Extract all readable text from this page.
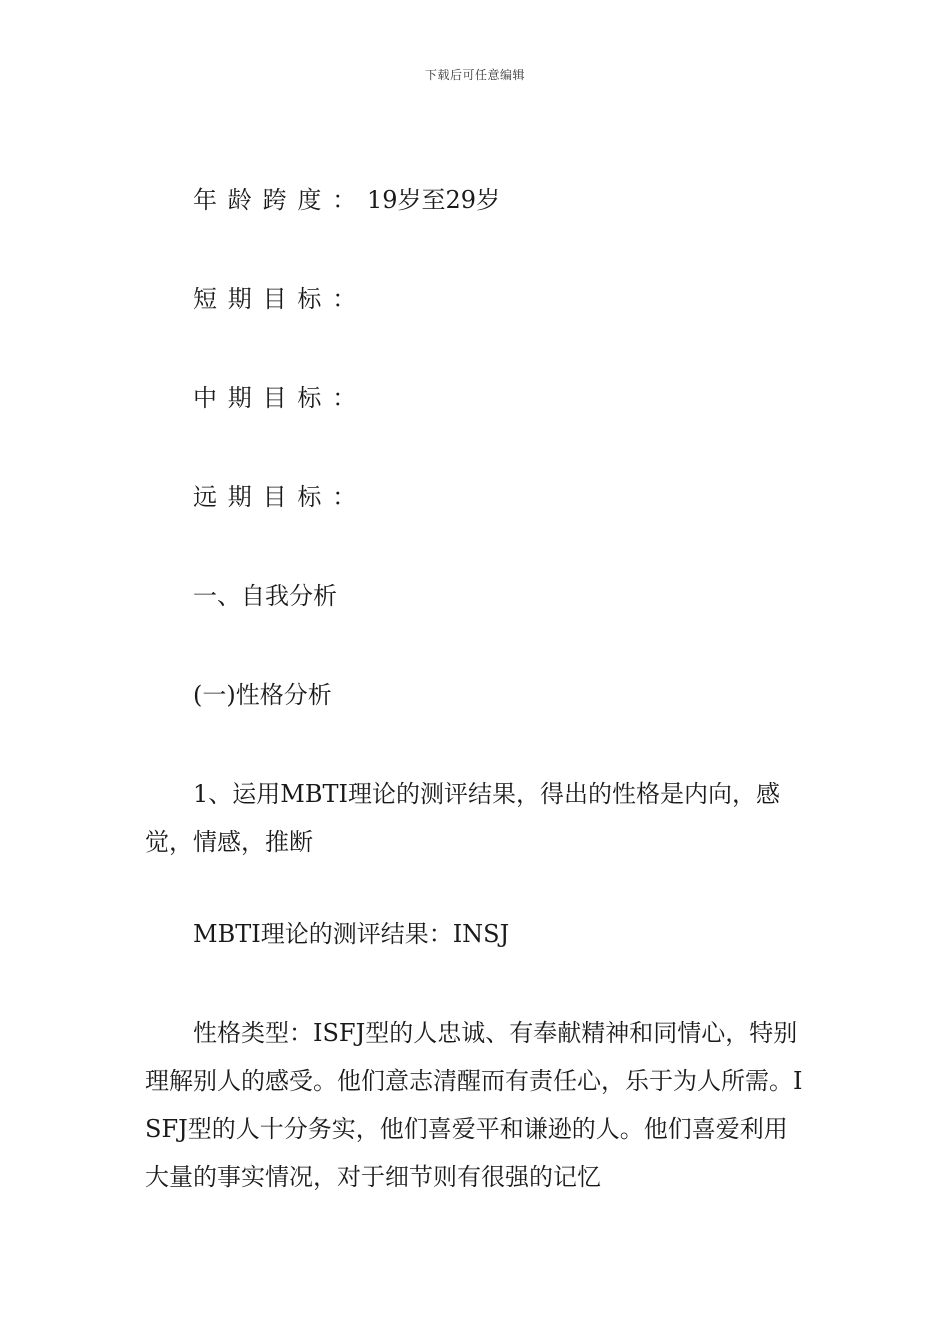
下载后可任意编辑

年龄跨度：19岁至29岁

短期目标：

中期目标：

远期目标：

一、自我分析

(一)性格分析

1、运用MBTI理论的测评结果，得出的性格是内向，感觉，情感，推断

MBTI理论的测评结果：INSJ

性格类型：ISFJ型的人忠诚、有奉献精神和同情心，特别理解别人的感受。他们意志清醒而有责任心，乐于为人所需。ISFJ型的人十分务实，他们喜爱平和谦逊的人。他们喜爱利用大量的事实情况，对于细节则有很强的记忆
